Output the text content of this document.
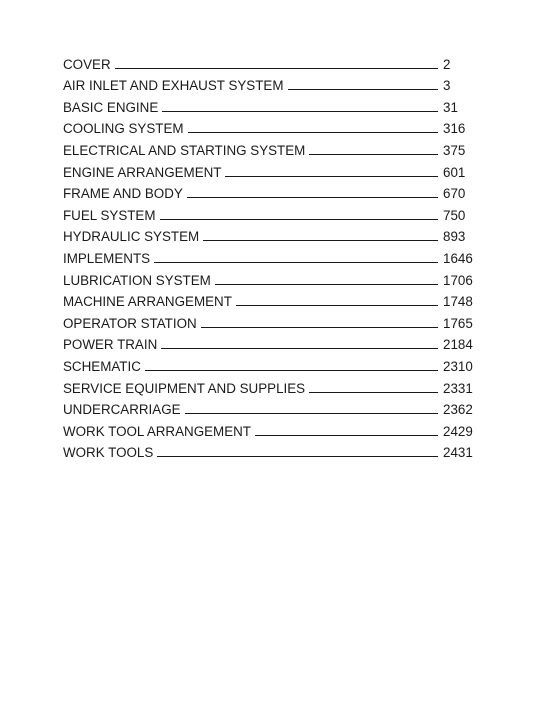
COVER	2
AIR INLET AND EXHAUST SYSTEM	3
BASIC ENGINE	31
COOLING SYSTEM	316
ELECTRICAL AND STARTING SYSTEM	375
ENGINE ARRANGEMENT	601
FRAME AND BODY	670
FUEL SYSTEM	750
HYDRAULIC SYSTEM	893
IMPLEMENTS	1646
LUBRICATION SYSTEM	1706
MACHINE ARRANGEMENT	1748
OPERATOR STATION	1765
POWER TRAIN	2184
SCHEMATIC	2310
SERVICE EQUIPMENT AND SUPPLIES	2331
UNDERCARRIAGE	2362
WORK TOOL ARRANGEMENT	2429
WORK TOOLS	2431
